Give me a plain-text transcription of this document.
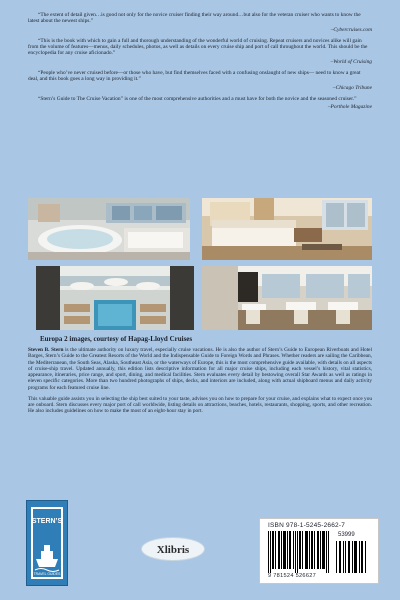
“The extent of detail given…is good not only for the novice cruiser finding their way around…but also for the veteran cruiser who wants to know the latest about the newest ships.”
–Cybercruises.com
“This is the book with which to gain a full and thorough understanding of the wonderful world of cruising. Repeat cruisers and novices alike will gain from the volume of features—menus, daily schedules, photos, as well as details on every cruise ship and port of call throughout the world. This should be the encyclopedia for any cruise aficionado.”
–World of Cruising
“People who’ve never cruised before—or those who have, but find themselves faced with a confusing onslaught of new ships— need to know a great deal, and this book goes a long way in providing it.”
–Chicago Tribune
“Stern’s Guide to The Cruise Vacation” is one of the most comprehensive authorities and a must have for both the novice and the seasoned cruiser.”
–Porthole Magazine
Europa 2 images, courtesy of Hapag-Lloyd Cruises

Steven B. Stern is the ultimate authority on luxury travel, especially cruise vacations. He is also the author of Stern’s Guide to European Riverboats and Hotel Barges, Stern’s Guide to the Greatest Resorts of the World and the Indispensable Guide to Foreign Words and Phrases. Whether readers are sailing the Caribbean, the Mediterranean, the South Seas, Alaska, Southeast Asia, or the waterways of Europe, this is the most comprehensive guide available, with details on all aspects of cruise-ship travel. Updated annually, this edition lists descriptive information for all major cruise ships, including each vessel’s history, vital statistics, appearance, itineraries, price range, and sport, dining, and medical facilities. Stern evaluates every detail by bestowing overall Star Awards as well as ratings in eleven specific categories. More than two hundred photographs of ships, decks, and interiors are included, along with actual shipboard menus and daily activity programs for each featured cruise line.

This valuable guide assists you in selecting the ship best suited to your taste, advises you on how to prepare for your cruise, and explains what to expect once you are onboard. Stern discusses every major port of call worldwide, listing details on attractions, beaches, hotels, restaurants, shopping, sports, and other recreation. He also includes guidelines on how to make the most of an eight-hour stay in port.

STERN’S
TRAVEL GUIDES
Xlibris
ISBN 978-1-5245-2662-7
53999
9 781524 526627
